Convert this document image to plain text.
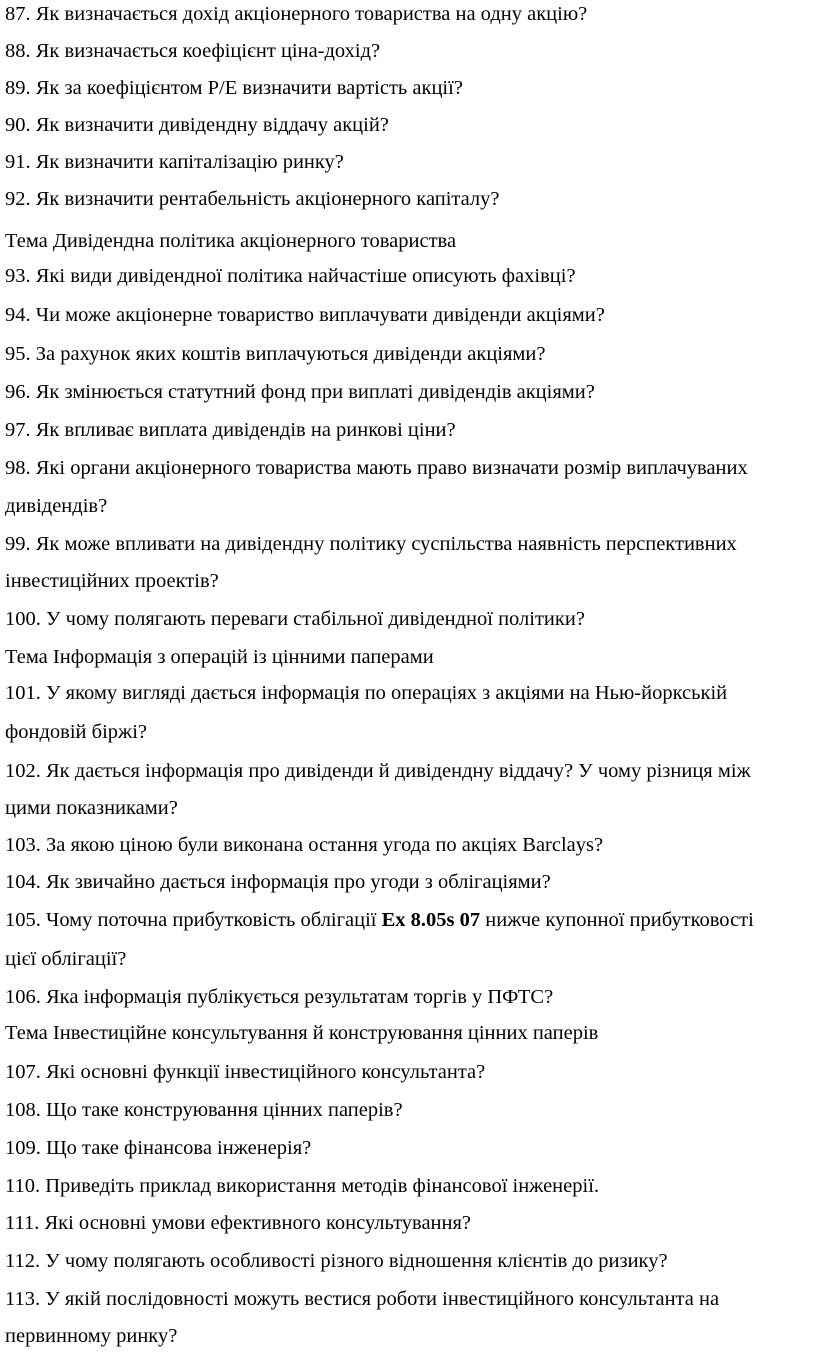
87. Як визначається дохід акціонерного товариства на одну акцію?
88. Як визначається коефіцієнт ціна-дохід?
89. Як за коефіцієнтом Р/Е визначити вартість акції?
90. Як визначити дивідендну віддачу акцій?
91. Як визначити капіталізацію ринку?
92. Як визначити рентабельність акціонерного капіталу?
Тема Дивідендна політика акціонерного товариства
93. Які види дивідендної політика найчастіше описують фахівці?
94. Чи може акціонерне товариство виплачувати дивіденди акціями?
95. За рахунок яких коштів виплачуються дивіденди акціями?
96. Як змінюється статутний фонд при виплаті дивідендів акціями?
97. Як впливає виплата дивідендів на ринкові ціни?
98. Які органи акціонерного товариства мають право визначати розмір виплачуваних
дивідендів?
99. Як може впливати на дивідендну політику суспільства наявність перспективних
інвестиційних проектів?
100. У чому полягають переваги стабільної дивідендної політики?
Тема Інформація з операцій із цінними паперами
101. У якому вигляді дається інформація по операціях з акціями на Нью-йоркській
фондовій біржі?
102. Як дається інформація про дивіденди й дивідендну віддачу? У чому різниця між
цими показниками?
103. За якою ціною були виконана остання угода по акціях Barclays?
104. Як звичайно дається інформація про угоди з облігаціями?
105. Чому поточна прибутковість облігації Ex 8.05s 07 нижче купонної прибутковості
цієї облігації?
106. Яка інформація публікується результатам торгів у ПФТС?
Тема Інвестиційне консультування й конструювання цінних паперів
107. Які основні функції інвестиційного консультанта?
108. Що таке конструювання цінних паперів?
109. Що таке фінансова інженерія?
110. Приведіть приклад використання методів фінансової інженерії.
111. Які основні умови ефективного консультування?
112. У чому полягають особливості різного відношення клієнтів до ризику?
113. У якій послідовності можуть вестися роботи інвестиційного консультанта на
первинному ринку?
